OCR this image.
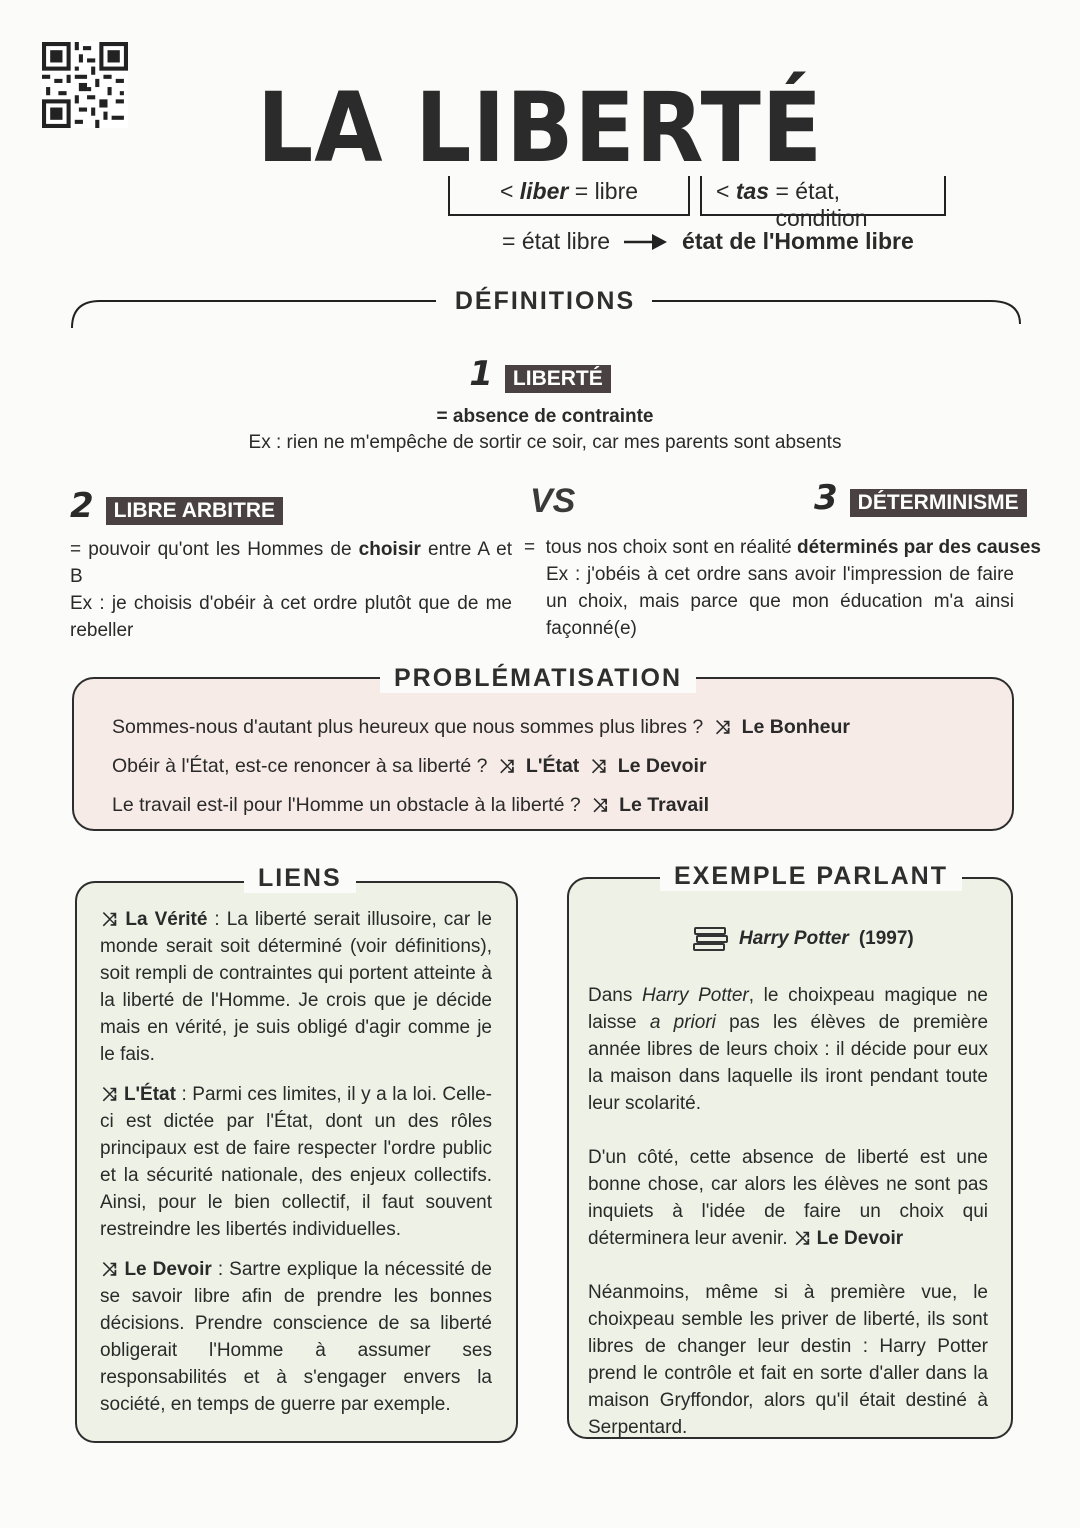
LA LIBERTÉ
<
liber
= libre	<
tas
= état, condition
= état libre	état de l'Homme libre
DÉFINITIONS
1 LIBERTÉ
= absence de contrainte
Ex : rien ne m'empêche de sortir ce soir, car mes parents sont absents
2 LIBRE ARBITRE	VS	3 DÉTERMINISME
= pouvoir qu'ont les Hommes de choisir entre A et B
Ex : je choisis d'obéir à cet ordre plutôt que de me rebeller
=  tous nos choix sont en réalité déterminés par des causes
Ex : j'obéis à cet ordre sans avoir l'impression de faire un choix, mais parce que mon éducation m'a ainsi façonné(e)
PROBLÉMATISATION
Sommes-nous d'autant plus heureux que nous sommes plus libres ? ⤨ Le Bonheur
Obéir à l'État, est-ce renoncer à sa liberté ? ⤨ L'État ⤨ Le Devoir
Le travail est-il pour l'Homme un obstacle à la liberté ? ⤨ Le Travail
LIENS

⤨ La Vérité : La liberté serait illusoire, car le monde serait soit déterminé (voir définitions), soit rempli de contraintes qui portent atteinte à la liberté de l'Homme. Je crois que je décide mais en vérité, je suis obligé d'agir comme je le fais.

⤨ L'État : Parmi ces limites, il y a la loi. Celle-ci est dictée par l'État, dont un des rôles principaux est de faire respecter l'ordre public et la sécurité nationale, des enjeux collectifs. Ainsi, pour le bien collectif, il faut souvent restreindre les libertés individuelles.

⤨ Le Devoir : Sartre explique la nécessité de se savoir libre afin de prendre les bonnes décisions. Prendre conscience de sa liberté obligerait l'Homme à assumer ses responsabilités et à s'engager envers la société, en temps de guerre par exemple.

EXEMPLE PARLANT
Harry Potter (1997)

Dans Harry Potter, le choixpeau magique ne laisse a priori pas les élèves de première année libres de leurs choix : il décide pour eux la maison dans laquelle ils iront pendant toute leur scolarité.

D'un côté, cette absence de liberté est une bonne chose, car alors les élèves ne sont pas inquiets à l'idée de faire un choix qui déterminera leur avenir. ⤨ Le Devoir

Néanmoins, même si à première vue, le choixpeau semble les priver de liberté, ils sont libres de changer leur destin : Harry Potter prend le contrôle et fait en sorte d'aller dans la maison Gryffondor, alors qu'il était destiné à Serpentard.
